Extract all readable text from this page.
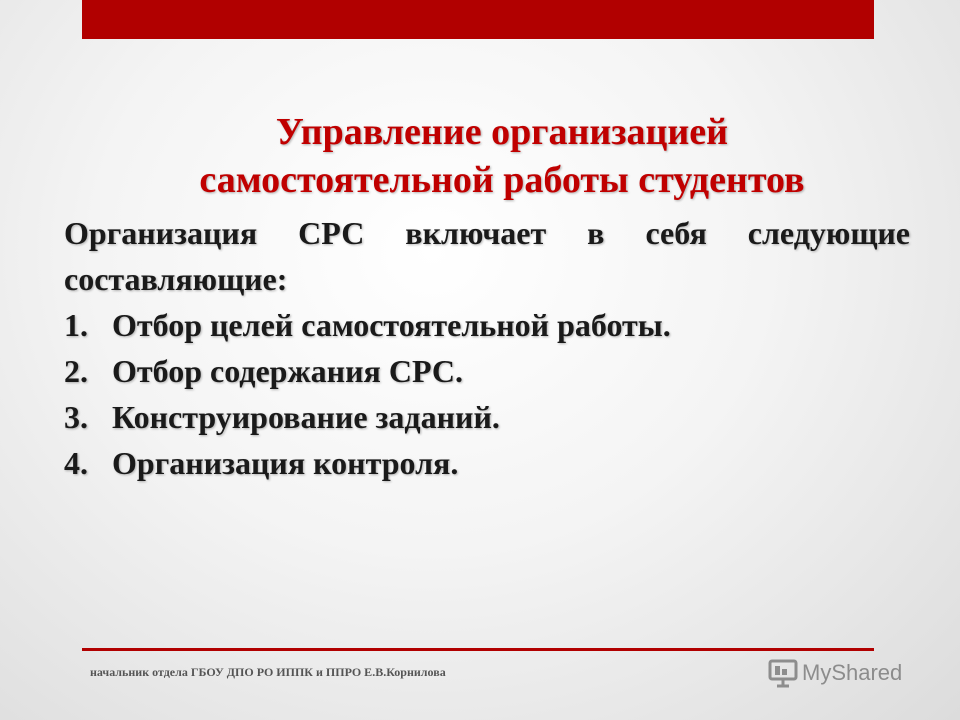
Управление организацией
самостоятельной работы студентов
Организация СРС включает в себя следующие
составляющие:
1. Отбор целей самостоятельной работы.
2. Отбор содержания СРС.
3. Конструирование заданий.
4. Организация контроля.
начальник отдела ГБОУ ДПО РО ИППК и ППРО Е.В.Корнилова	MyShared
